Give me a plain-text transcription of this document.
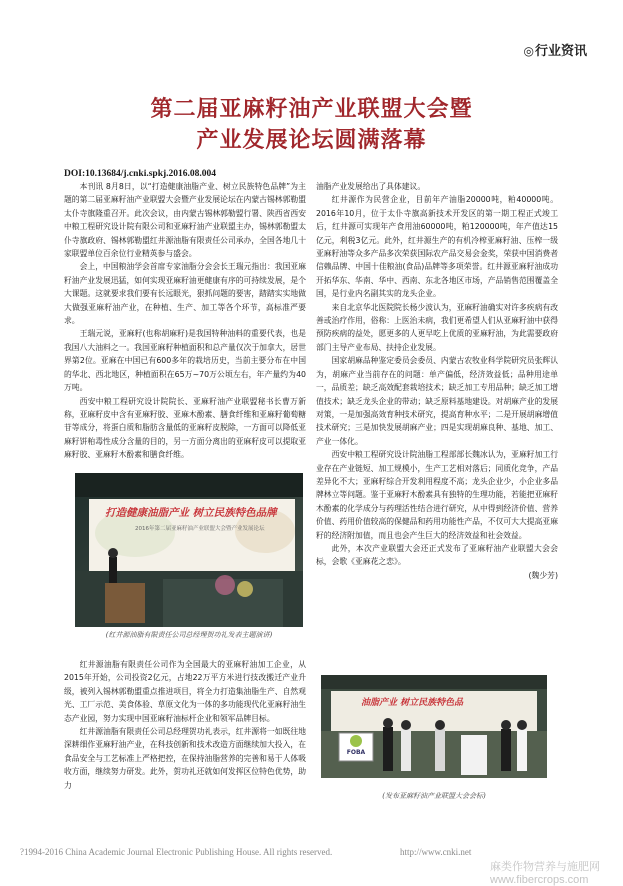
◎行业资讯
第二届亚麻籽油产业联盟大会暨
产业发展论坛圆满落幕
DOI:10.13684/j.cnki.spkj.2016.08.004

本刊讯 8月8日，以“打造健康油脂产业、树立民族特色品牌”为主题的第二届亚麻籽油产业联盟大会暨产业发展论坛在内蒙古锡林郭勒盟太仆寺旗隆重召开。此次会议，由内蒙古锡林郭勒盟行署、陕西省西安中粮工程研究设计院有限公司和亚麻籽油产业联盟主办，锡林郭勒盟太仆寺旗政府、锡林郭勒盟红井源油脂有限责任公司承办，全国各地几十家联盟单位百余位行业精英参与盛会。

会上，中国粮油学会首席专家油脂分会会长王瑞元指出：我国亚麻籽油产业发展迅猛，如何实现亚麻籽油更健康有序的可持续发展，是个大课题。这就要求我们要有长远眼光，狠抓问题的要害，踏踏实实地做大做强亚麻籽油产业，在种植、生产、加工等各个环节，高标准严要求。

王瑞元说，亚麻籽(也称胡麻籽)是我国特种油料的重要代表，也是我国八大油料之一。我国亚麻籽种植面积和总产量仅次于加拿大，居世界第2位。亚麻在中国已有600多年的栽培历史，当前主要分布在中国的华北、西北地区，种植面积在65万~70万公顷左右，年产量约为40万吨。

西安中粮工程研究设计院院长、亚麻籽油产业联盟秘书长曹万新称，亚麻籽皮中含有亚麻籽胶、亚麻木酚素、膳食纤维和亚麻籽葡萄糖苷等成分，将蛋白质和脂肪含量低的亚麻籽皮脱除，一方面可以降低亚麻籽饼粕毒性成分含量的目的，另一方面分离出的亚麻籽皮可以提取亚麻籽胶、亚麻籽木酚素和膳食纤维。

打造健康油脂产业 树立民族特色品牌
2016年第二届亚麻籽油产业联盟大会暨产业发展论坛
(红井源油脂有限责任公司总经理贺功礼发表主题演讲)

红井源油脂有限责任公司作为全国最大的亚麻籽油加工企业，从2015年开始，公司投资2亿元，占地22万平方米进行技改搬迁产业升级，被列入锡林郭勒盟重点推进项目，将全力打造集油脂生产、自然观光、工厂示范、美食体验、草原文化为一体的多功能现代化亚麻籽油生态产业园，努力实现中国亚麻籽油标杆企业和领军品牌目标。

红井源油脂有限责任公司总经理贺功礼表示，红井源将一如既往地深耕细作亚麻籽油产业，在科技创新和技术改造方面继续加大投入，在食品安全与工艺标准上严格把控，在保持油脂营养的完善和易于人体吸收方面，继续努力研发。此外，贺功礼还就如何发挥区位特色优势，助力

油脂产业发展给出了具体建议。

红井源作为民营企业，目前年产油脂20000吨，粕40000吨。2016年10月，位于太仆寺旗高新技术开发区的第一期工程正式竣工后，红井源可实现年产食用油60000吨，粕120000吨，年产值达15亿元，利税3亿元。此外，红井源生产的有机冷榨亚麻籽油、压榨一级亚麻籽油等众多产品多次荣获国际农产品交易会金奖，荣获中国消费者信赖品牌、中国十佳粮油(食品)品牌等多项荣誉。红井源亚麻籽油成功开拓华东、华南、华中、西南、东北各地区市场，产品销售范围覆盖全国，是行业内名副其实的龙头企业。

来自北京华北医院院长杨少波认为，亚麻籽油确实对许多疾病有改善或治疗作用，俗称：上医治未病，我们更希望人们从亚麻籽油中获得预防疾病的益处，愿更多的人更早吃上优质的亚麻籽油，为此需要政府部门主导产业布局、扶持企业发展。

国家胡麻品种鉴定委员会委员、内蒙古农牧业科学院研究员张辉认为，胡麻产业当前存在的问题：单产偏低，经济效益低；品种用途单一，品质差；缺乏高效配套栽培技术；缺乏加工专用品种；缺乏加工增值技术；缺乏龙头企业的带动；缺乏原料基地建设。对胡麻产业的发展对策，一是加强高效育种技术研究，提高育种水平；二是开展胡麻增值技术研究；三是加快发展胡麻产业；四是实现胡麻良种、基地、加工、产业一体化。

西安中粮工程研究设计院油脂工程部部长魏冰认为，亚麻籽加工行业存在产业链短、加工规模小，生产工艺相对落后；同质化竞争，产品差异化不大；亚麻籽综合开发利用程度不高；龙头企业少，小企业多品牌林立等问题。鉴于亚麻籽木酚素具有独特的生理功能，若能把亚麻籽木酚素的化学成分与药理活性结合进行研究，从中得到经济价值、营养价值、药用价值较高的保健品和药用功能性产品，不仅可大大提高亚麻籽的经济附加值，而且也会产生巨大的经济效益和社会效益。

此外，本次产业联盟大会还正式发布了亚麻籽油产业联盟大会会标，会歌《亚麻花之恋》。

(魏少芳)

油脂产业 树立民族特色品
FOBA
(发布亚麻籽油产业联盟大会会标)
?1994-2016 China Academic Journal Electronic Publishing House. All rights reserved.	http://www.cnki.net
麻类作物营养与施肥网
www.fibercrops.com
